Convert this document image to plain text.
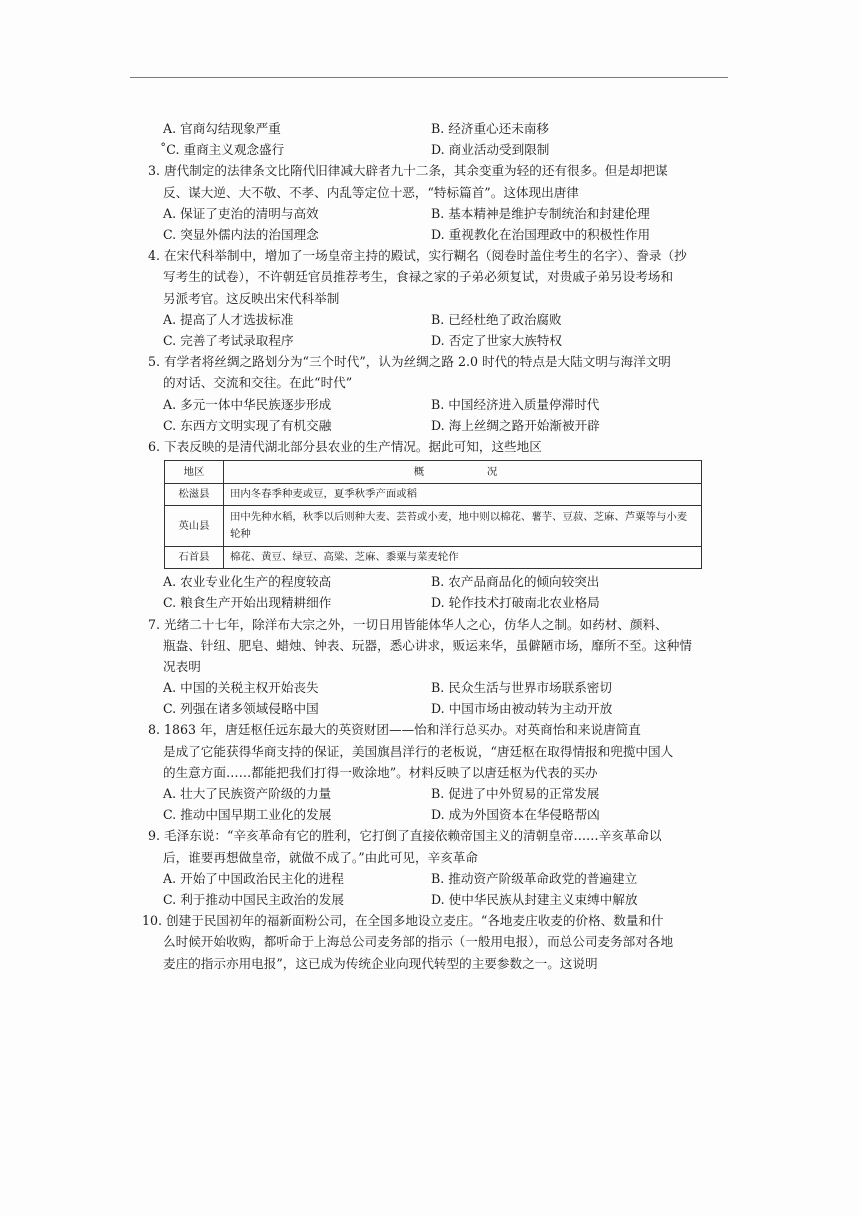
A. 官商勾结现象严重	B. 经济重心还未南移
˚C. 重商主义观念盛行	D. 商业活动受到限制
3. 唐代制定的法律条文比隋代旧律减大辟者九十二条，其余变重为轻的还有很多。但是却把谋
反、谋大逆、大不敬、不孝、内乱等定位十恶，“特标篇首”。这体现出唐律
A. 保证了吏治的清明与高效	B. 基本精神是维护专制统治和封建伦理
C. 突显外儒内法的治国理念	D. 重视教化在治国理政中的积极性作用
4. 在宋代科举制中，增加了一场皇帝主持的殿试，实行糊名（阅卷时盖住考生的名字）、誊录（抄
写考生的试卷），不许朝廷官员推荐考生，食禄之家的子弟必须复试，对贵戚子弟另设考场和
另派考官。这反映出宋代科举制
A. 提高了人才选拔标准	B. 已经杜绝了政治腐败
C. 完善了考试录取程序	D. 否定了世家大族特权
5. 有学者将丝绸之路划分为“三个时代”，认为丝绸之路 2.0 时代的特点是大陆文明与海洋文明
的对话、交流和交往。在此“时代”
A. 多元一体中华民族逐步形成	B. 中国经济进入质量停滞时代
C. 东西方文明实现了有机交融	D. 海上丝绸之路开始渐被开辟
6. 下表反映的是清代湖北部分县农业的生产情况。据此可知，这些地区
地区	概　　况
松滋县	田内冬春季种麦或豆，夏季秋季产面或稻
英山县	田中先种水稻，秋季以后则种大麦、芸苔或小麦，地中则以棉花、薯芋、豆菽、芝麻、芦粟等与小麦轮种
石首县	棉花、黄豆、绿豆、高粱、芝麻、黍粟与菜麦轮作
A. 农业专业化生产的程度较高	B. 农产品商品化的倾向较突出
C. 粮食生产开始出现精耕细作	D. 轮作技术打破南北农业格局
7. 光绪二十七年，除洋布大宗之外，一切日用皆能体华人之心，仿华人之制。如药材、颜料、
瓶盎、针纽、肥皂、蜡烛、钟表、玩器，悉心讲求，贩运来华，虽僻陋市场，靡所不至。这种情
况表明
A. 中国的关税主权开始丧失	B. 民众生活与世界市场联系密切
C. 列强在诸多领域侵略中国	D. 中国市场由被动转为主动开放
8. 1863 年，唐廷枢任远东最大的英资财团——怡和洋行总买办。对英商怡和来说唐简直
是成了它能获得华商支持的保证，美国旗昌洋行的老板说，“唐廷枢在取得情报和兜揽中国人
的生意方面……都能把我们打得一败涂地”。材料反映了以唐廷枢为代表的买办
A. 壮大了民族资产阶级的力量	B. 促进了中外贸易的正常发展
C. 推动中国早期工业化的发展	D. 成为外国资本在华侵略帮凶
9. 毛泽东说：“辛亥革命有它的胜利，它打倒了直接依赖帝国主义的清朝皇帝……辛亥革命以
后，谁要再想做皇帝，就做不成了。”由此可见，辛亥革命
A. 开始了中国政治民主化的进程	B. 推动资产阶级革命政党的普遍建立
C. 利于推动中国民主政治的发展	D. 使中华民族从封建主义束缚中解放
10. 创建于民国初年的福新面粉公司，在全国多地设立麦庄。“各地麦庄收麦的价格、数量和什
么时候开始收购，都听命于上海总公司麦务部的指示（一般用电报），而总公司麦务部对各地
麦庄的指示亦用电报”，这已成为传统企业向现代转型的主要参数之一。这说明
